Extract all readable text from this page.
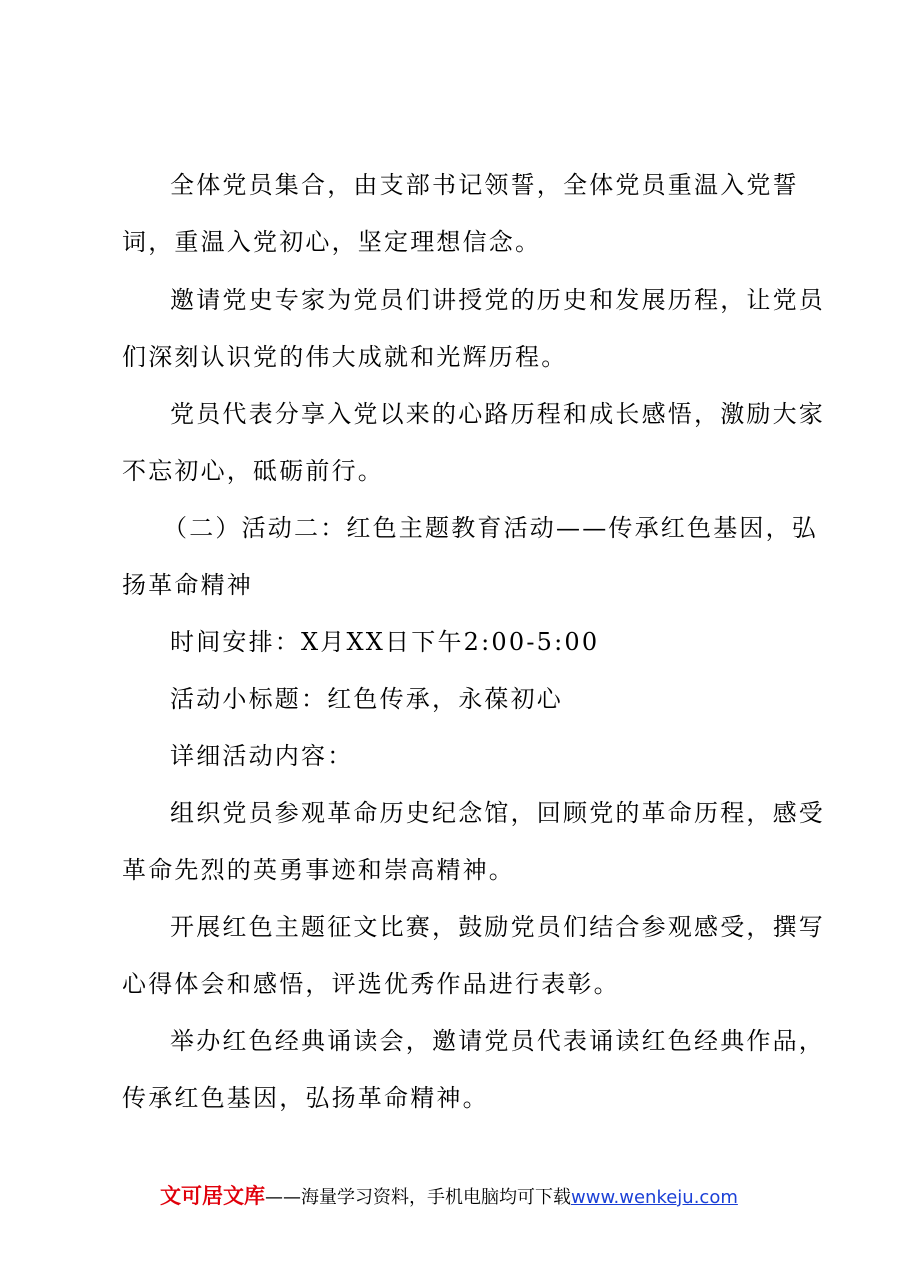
全体党员集合，由支部书记领誓，全体党员重温入党誓
词，重温入党初心，坚定理想信念。
邀请党史专家为党员们讲授党的历史和发展历程，让党员
们深刻认识党的伟大成就和光辉历程。
党员代表分享入党以来的心路历程和成长感悟，激励大家
不忘初心，砥砺前行。
（二）活动二：红色主题教育活动——传承红色基因，弘
扬革命精神
时间安排：X月XX日下午2:00-5:00
活动小标题：红色传承，永葆初心
详细活动内容：
组织党员参观革命历史纪念馆，回顾党的革命历程，感受
革命先烈的英勇事迹和崇高精神。
开展红色主题征文比赛，鼓励党员们结合参观感受，撰写
心得体会和感悟，评选优秀作品进行表彰。
举办红色经典诵读会，邀请党员代表诵读红色经典作品，
传承红色基因，弘扬革命精神。
文可居文库——海量学习资料，手机电脑均可下载www.wenkeju.com
